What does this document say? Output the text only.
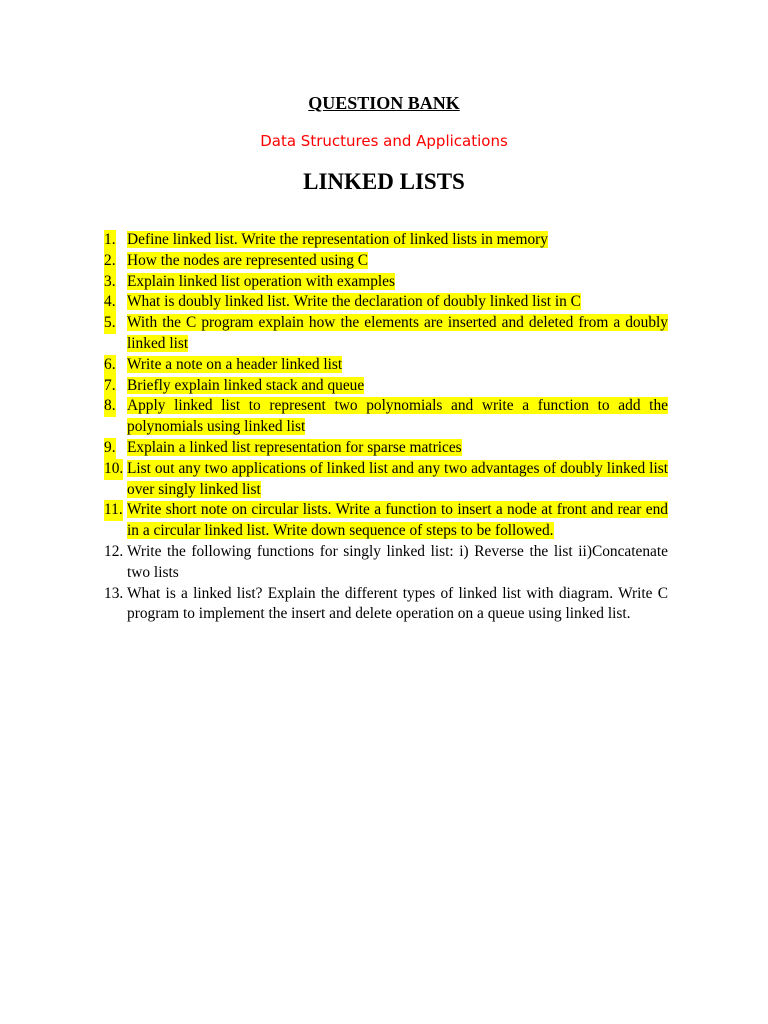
QUESTION BANK
Data Structures and Applications
LINKED LISTS
1. Define linked list. Write the representation of linked lists in memory
2. How the nodes are represented using C
3. Explain linked list operation with examples
4. What is doubly linked list. Write the declaration of doubly linked list in C
5. With the C program explain how the elements are inserted and deleted from a doubly linked list
6. Write a note on a header linked list
7. Briefly explain linked stack and queue
8. Apply linked list to represent two polynomials and write a function to add the polynomials using linked list
9. Explain a linked list representation for sparse matrices
10. List out any two applications of linked list and any two advantages of doubly linked list over singly linked list
11. Write short note on circular lists. Write a function to insert a node at front and rear end in a circular linked list. Write down sequence of steps to be followed.
12. Write the following functions for singly linked list: i) Reverse the list ii)Concatenate two lists
13. What is a linked list? Explain the different types of linked list with diagram. Write C program to implement the insert and delete operation on a queue using linked list.
